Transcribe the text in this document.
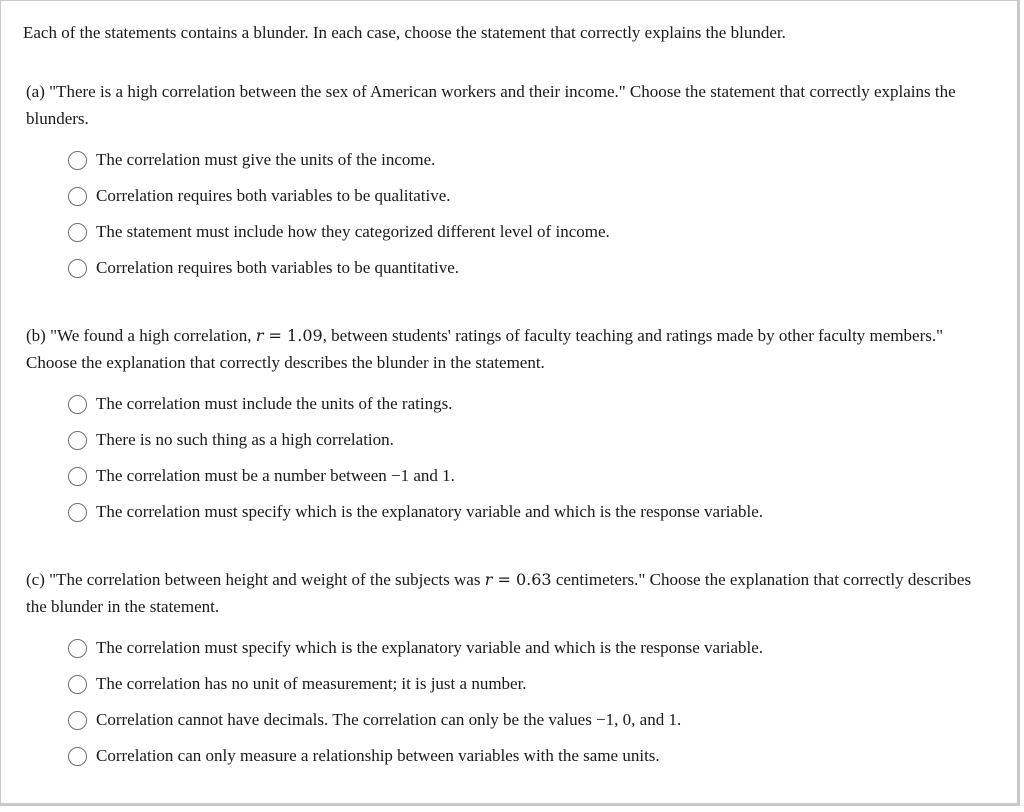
Each of the statements contains a blunder. In each case, choose the statement that correctly explains the blunder.
(a) "There is a high correlation between the sex of American workers and their income." Choose the statement that correctly explains the blunders.
The correlation must give the units of the income.
Correlation requires both variables to be qualitative.
The statement must include how they categorized different level of income.
Correlation requires both variables to be quantitative.
(b) "We found a high correlation, r = 1.09, between students' ratings of faculty teaching and ratings made by other faculty members." Choose the explanation that correctly describes the blunder in the statement.
The correlation must include the units of the ratings.
There is no such thing as a high correlation.
The correlation must be a number between −1 and 1.
The correlation must specify which is the explanatory variable and which is the response variable.
(c) "The correlation between height and weight of the subjects was r = 0.63 centimeters." Choose the explanation that correctly describes the blunder in the statement.
The correlation must specify which is the explanatory variable and which is the response variable.
The correlation has no unit of measurement; it is just a number.
Correlation cannot have decimals. The correlation can only be the values −1, 0, and 1.
Correlation can only measure a relationship between variables with the same units.
